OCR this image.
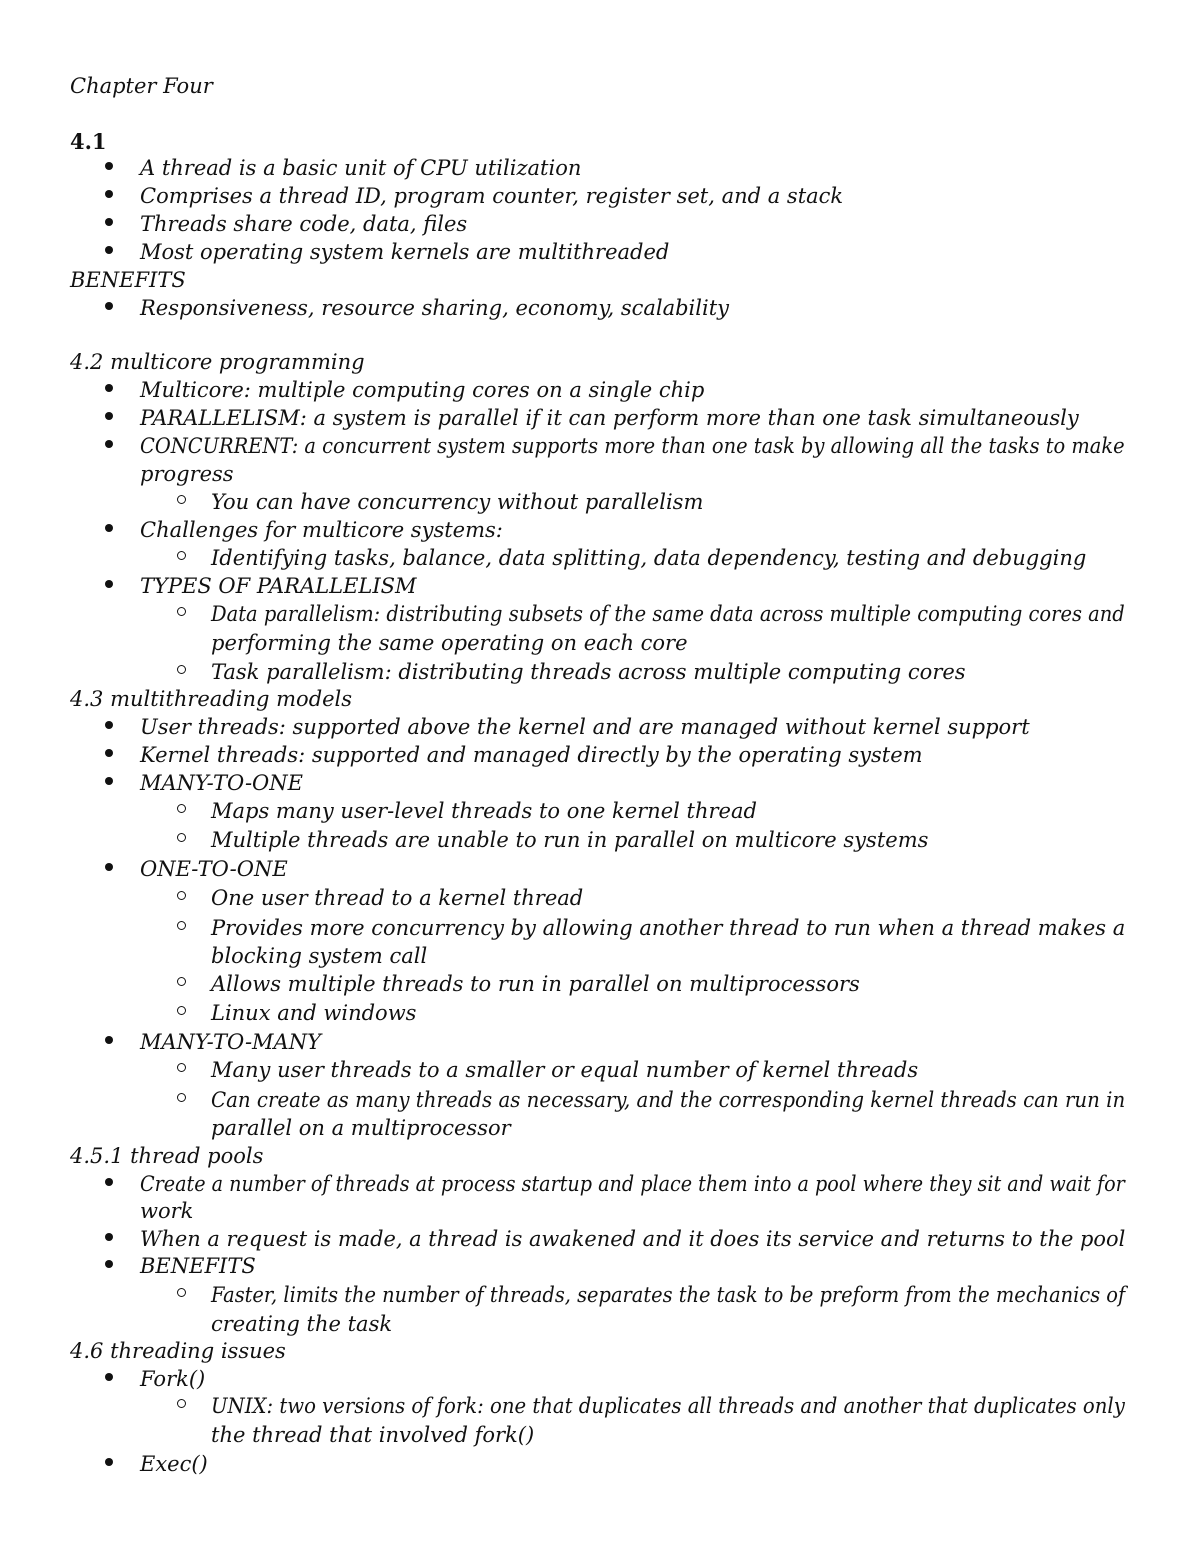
Chapter Four
4.1
A thread is a basic unit of CPU utilization
Comprises a thread ID, program counter, register set, and a stack
Threads share code, data, files
Most operating system kernels are multithreaded
BENEFITS
Responsiveness, resource sharing, economy, scalability
4.2 multicore programming
Multicore: multiple computing cores on a single chip
PARALLELISM: a system is parallel if it can perform more than one task simultaneously
CONCURRENT: a concurrent system supports more than one task by allowing all the tasks to make
progress
You can have concurrency without parallelism
Challenges for multicore systems:
Identifying tasks, balance, data splitting, data dependency, testing and debugging
TYPES OF PARALLELISM
Data parallelism: distributing subsets of the same data across multiple computing cores and
performing the same operating on each core
Task parallelism: distributing threads across multiple computing cores
4.3 multithreading models
User threads: supported above the kernel and are managed without kernel support
Kernel threads: supported and managed directly by the operating system
MANY-TO-ONE
Maps many user-level threads to one kernel thread
Multiple threads are unable to run in parallel on multicore systems
ONE-TO-ONE
One user thread to a kernel thread
Provides more concurrency by allowing another thread to run when a thread makes a
blocking system call
Allows multiple threads to run in parallel on multiprocessors
Linux and windows
MANY-TO-MANY
Many user threads to a smaller or equal number of kernel threads
Can create as many threads as necessary, and the corresponding kernel threads can run in
parallel on a multiprocessor
4.5.1 thread pools
Create a number of threads at process startup and place them into a pool where they sit and wait for
work
When a request is made, a thread is awakened and it does its service and returns to the pool
BENEFITS
Faster, limits the number of threads, separates the task to be preform from the mechanics of
creating the task
4.6 threading issues
Fork()
UNIX: two versions of fork: one that duplicates all threads and another that duplicates only
the thread that involved fork()
Exec()
